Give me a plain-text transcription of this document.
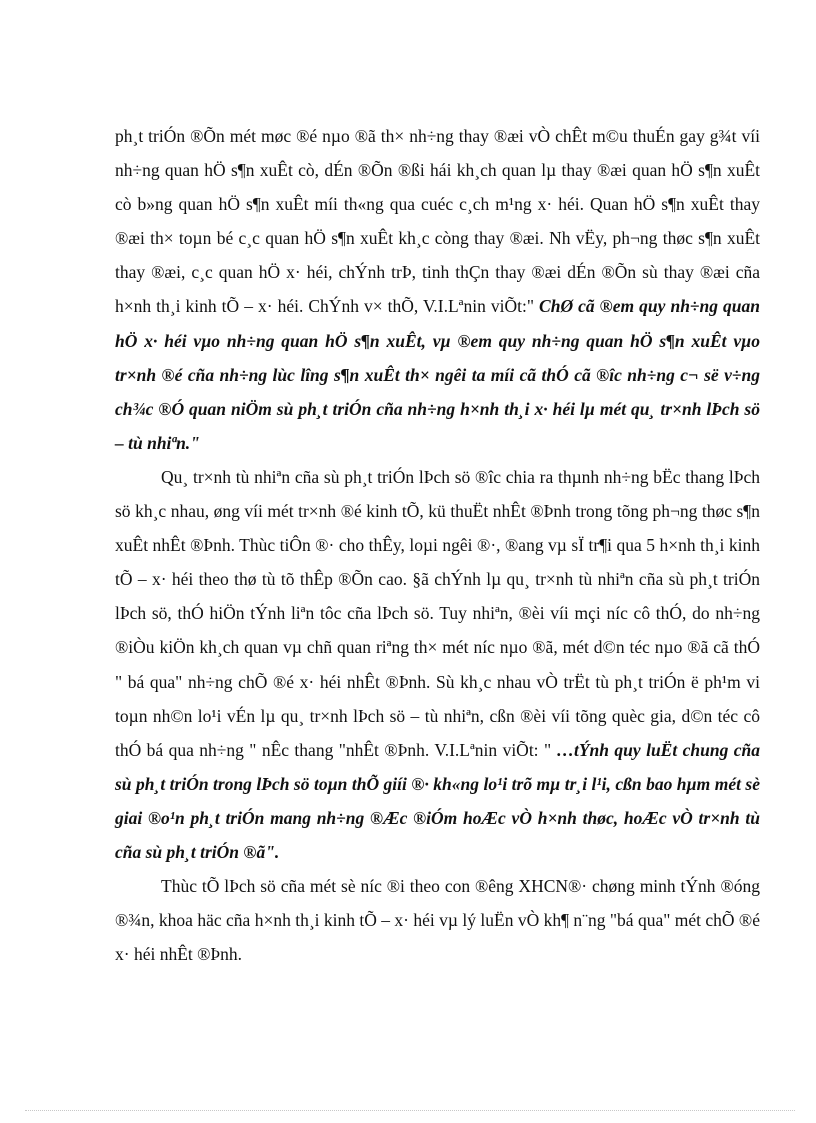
ph¸t triÓn ®Õn mét møc ®é nµo ®ã th× nh÷ng thay ®æi vÒ chÊt m©u thuÉn gay g¾t víi nh÷ng quan hÖ s¶n xuÊt cò, dÉn ®Õn ®ßi hái kh¸ch quan lµ thay ®æi quan hÖ s¶n xuÊt cò b»ng quan hÖ s¶n xuÊt míi th«ng qua cuéc c¸ch m¹ng x· héi. Quan hÖ s¶n xuÊt thay ®æi th× toµn bé c¸c quan hÖ s¶n xuÊt kh¸c còng thay ®æi. Nh vËy, ph¬ng thøc s¶n xuÊt thay ®æi, c¸c quan hÖ x· héi, chÝnh trÞ, tinh thÇn thay ®æi dÉn ®Õn sù thay ®æi cña h×nh th¸i kinh tÕ – x· héi. ChÝnh v× thÕ, V.I.Lªnin viÕt:" ChØ cã ®em quy nh÷ng quan hÖ x· héi vµo nh÷ng quan hÖ s¶n xuÊt, vµ ®em quy nh÷ng quan hÖ s¶n xuÊt vµo tr×nh ®é cña nh÷ng lùc lîng s¶n xuÊt th× ngêi ta míi cã thÓ cã ®îc nh÷ng c¬ së v÷ng ch¾c ®Ó quan niÖm sù ph¸t triÓn cña nh÷ng h×nh th¸i x· héi lµ mét qu¸ tr×nh lÞch sö – tù nhiªn."

Qu¸ tr×nh tù nhiªn cña sù ph¸t triÓn lÞch sö ®îc chia ra thµnh nh÷ng bËc thang lÞch sö kh¸c nhau, øng víi mét tr×nh ®é kinh tÕ, kü thuËt nhÊt ®Þnh trong tõng ph¬ng thøc s¶n xuÊt nhÊt ®Þnh. Thùc tiÔn ®· cho thÊy, loµi ngêi ®·, ®ang vµ sÏ tr¶i qua 5 h×nh th¸i kinh tÕ – x· héi theo thø tù tõ thÊp ®Õn cao. §ã chÝnh lµ qu¸ tr×nh tù nhiªn cña sù ph¸t triÓn lÞch sö, thÓ hiÖn tÝnh liªn tôc cña lÞch sö. Tuy nhiªn, ®èi víi mçi níc cô thÓ, do nh÷ng ®iÒu kiÖn kh¸ch quan vµ chñ quan riªng th× mét níc nµo ®ã, mét d©n téc nµo ®ã cã thÓ " bá qua" nh÷ng chÕ ®é x· héi nhÊt ®Þnh. Sù kh¸c nhau vÒ trËt tù ph¸t triÓn ë ph¹m vi toµn nh©n lo¹i vÉn lµ qu¸ tr×nh lÞch sö – tù nhiªn, cßn ®èi víi tõng quèc gia, d©n téc cô thÓ bá qua nh÷ng " nÊc thang "nhÊt ®Þnh. V.I.Lªnin viÕt: " …tÝnh quy luËt chung cña sù ph¸t triÓn trong lÞch sö toµn thÕ giíi ®· kh«ng lo¹i trõ mµ tr¸i l¹i, cßn bao hµm mét sè giai ®o¹n ph¸t triÓn mang nh÷ng ®Æc ®iÓm hoÆc vÒ h×nh thøc, hoÆc vÒ tr×nh tù cña sù ph¸t triÓn ®ã".

Thùc tÕ lÞch sö cña mét sè níc ®i theo con ®êng XHCN®· chøng minh tÝnh ®óng ®¾n, khoa häc cña h×nh th¸i kinh tÕ – x· héi vµ lý luËn vÒ kh¶ n¨ng "bá qua" mét chÕ ®é x· héi nhÊt ®Þnh.
